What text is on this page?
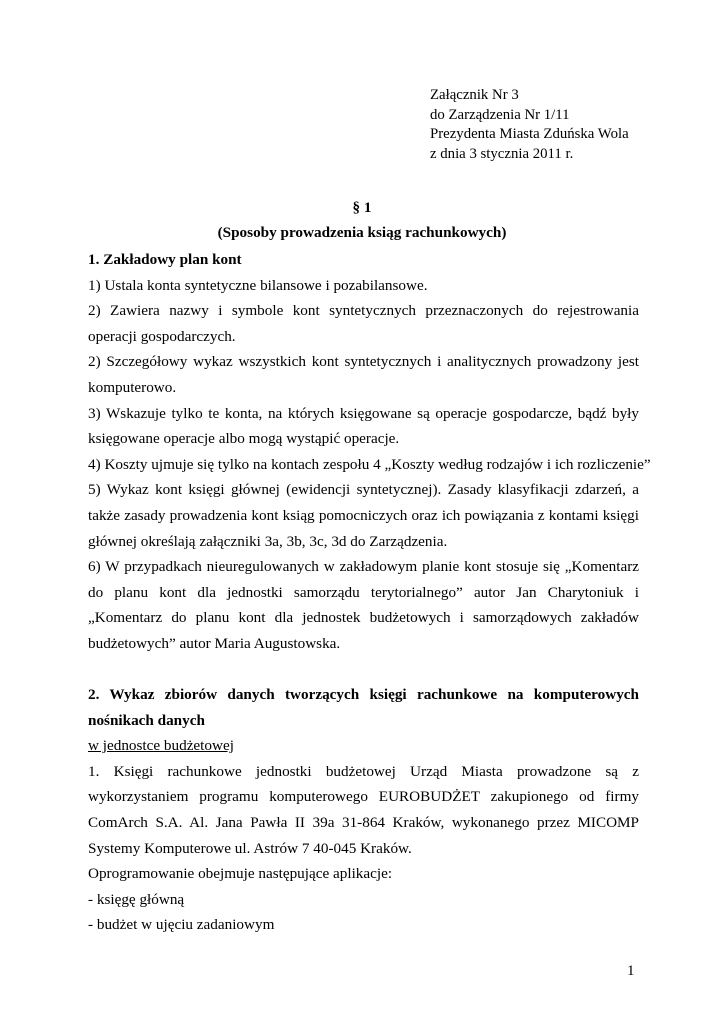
Załącznik Nr 3
do Zarządzenia Nr 1/11
Prezydenta Miasta Zduńska Wola
z dnia 3 stycznia 2011 r.
§ 1
(Sposoby prowadzenia ksiąg rachunkowych)

1. Zakładowy plan kont

1) Ustala konta syntetyczne bilansowe i pozabilansowe.

2) Zawiera nazwy i symbole kont syntetycznych przeznaczonych do rejestrowania operacji gospodarczych.

2) Szczegółowy wykaz wszystkich kont syntetycznych i analitycznych prowadzony jest komputerowo.

3) Wskazuje tylko te konta, na których księgowane są operacje gospodarcze, bądź były księgowane operacje albo mogą wystąpić operacje.

4) Koszty ujmuje się tylko na kontach zespołu 4 „Koszty według rodzajów i ich rozliczenie”

5) Wykaz kont księgi głównej (ewidencji syntetycznej). Zasady klasyfikacji zdarzeń, a także zasady prowadzenia kont ksiąg pomocniczych oraz ich powiązania z kontami księgi głównej określają załączniki 3a, 3b, 3c, 3d do Zarządzenia.

6) W przypadkach nieuregulowanych w zakładowym planie kont stosuje się „Komentarz do planu kont dla jednostki samorządu terytorialnego” autor Jan Charytoniuk i „Komentarz do planu kont dla jednostek budżetowych i samorządowych zakładów budżetowych” autor Maria Augustowska.

2. Wykaz zbiorów danych tworzących księgi rachunkowe na komputerowych nośnikach danych

w jednostce budżetowej

1. Księgi rachunkowe jednostki budżetowej Urząd Miasta prowadzone są z wykorzystaniem programu komputerowego EUROBUDŻET zakupionego od firmy ComArch S.A. Al. Jana Pawła II 39a 31-864 Kraków, wykonanego przez MICOMP Systemy Komputerowe ul. Astrów 7 40-045 Kraków.

Oprogramowanie obejmuje następujące aplikacje:

- księgę główną

- budżet w ujęciu zadaniowym

1
